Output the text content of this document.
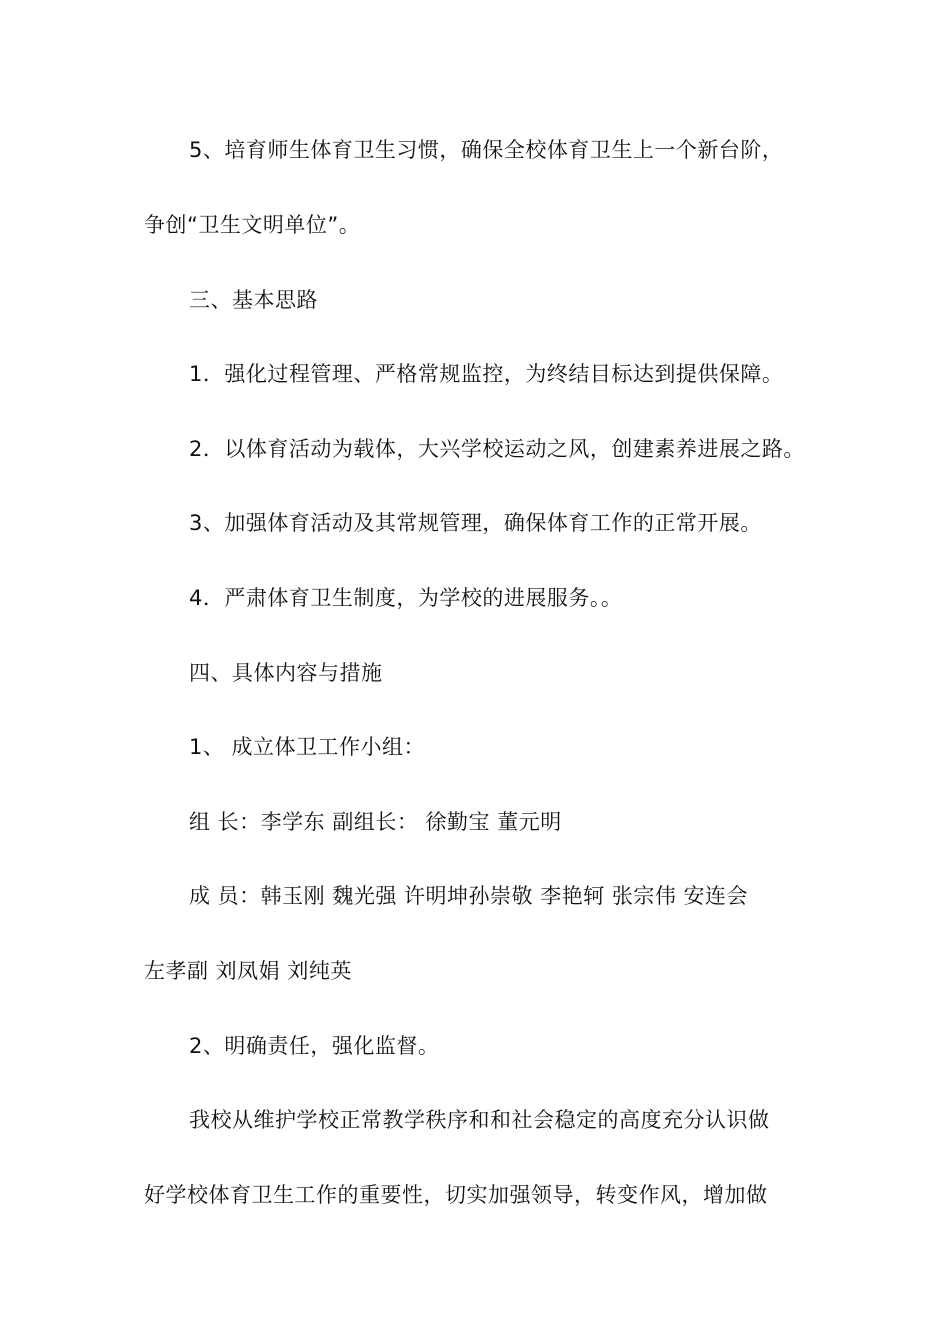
5、培育师生体育卫生习惯，确保全校体育卫生上一个新台阶，
争创“卫生文明单位”。
三、基本思路
1．强化过程管理、严格常规监控，为终结目标达到提供保障。
2．以体育活动为载体，大兴学校运动之风，创建素养进展之路。
3、加强体育活动及其常规管理，确保体育工作的正常开展。
4．严肃体育卫生制度，为学校的进展服务。。
四、具体内容与措施
1、 成立体卫工作小组：
组 长：李学东 副组长： 徐勤宝 董元明
成 员：韩玉刚 魏光强 许明坤孙崇敬 李艳轲 张宗伟 安连会
左孝副 刘凤娟 刘纯英
2、明确责任，强化监督。
我校从维护学校正常教学秩序和和社会稳定的高度充分认识做
好学校体育卫生工作的重要性，切实加强领导，转变作风，增加做
